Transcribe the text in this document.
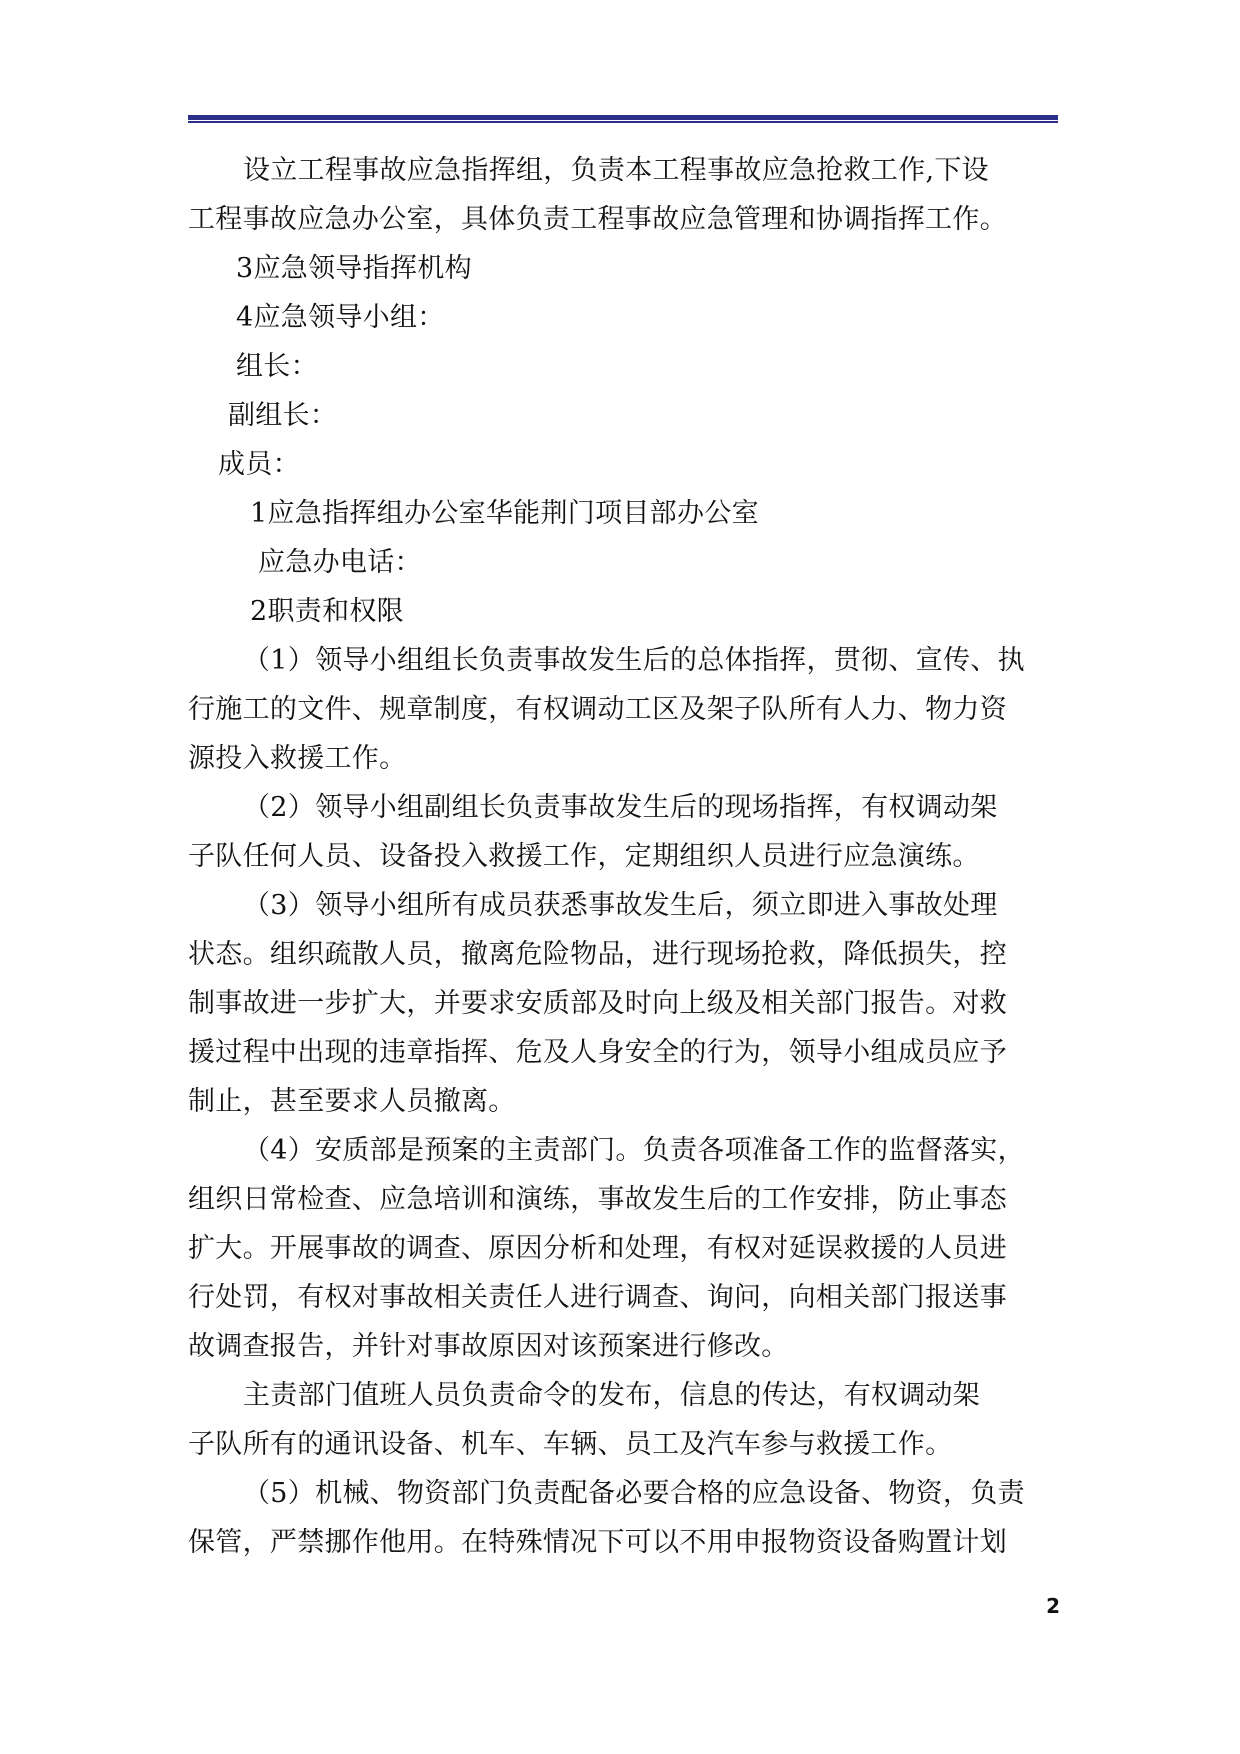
设立工程事故应急指挥组，负责本工程事故应急抢救工作,下设
工程事故应急办公室，具体负责工程事故应急管理和协调指挥工作。
3应急领导指挥机构
4应急领导小组：
组长：
副组长：
成员：
1应急指挥组办公室华能荆门项目部办公室
应急办电话：
2职责和权限
（1）领导小组组长负责事故发生后的总体指挥，贯彻、宣传、执
行施工的文件、规章制度，有权调动工区及架子队所有人力、物力资
源投入救援工作。
（2）领导小组副组长负责事故发生后的现场指挥，有权调动架
子队任何人员、设备投入救援工作，定期组织人员进行应急演练。
（3）领导小组所有成员获悉事故发生后，须立即进入事故处理
状态。组织疏散人员，撤离危险物品，进行现场抢救，降低损失，控
制事故进一步扩大，并要求安质部及时向上级及相关部门报告。对救
援过程中出现的违章指挥、危及人身安全的行为，领导小组成员应予
制止，甚至要求人员撤离。
（4）安质部是预案的主责部门。负责各项准备工作的监督落实，
组织日常检查、应急培训和演练，事故发生后的工作安排，防止事态
扩大。开展事故的调查、原因分析和处理，有权对延误救援的人员进
行处罚，有权对事故相关责任人进行调查、询问，向相关部门报送事
故调查报告，并针对事故原因对该预案进行修改。
主责部门值班人员负责命令的发布，信息的传达，有权调动架
子队所有的通讯设备、机车、车辆、员工及汽车参与救援工作。
（5）机械、物资部门负责配备必要合格的应急设备、物资，负责
保管，严禁挪作他用。在特殊情况下可以不用申报物资设备购置计划
2
